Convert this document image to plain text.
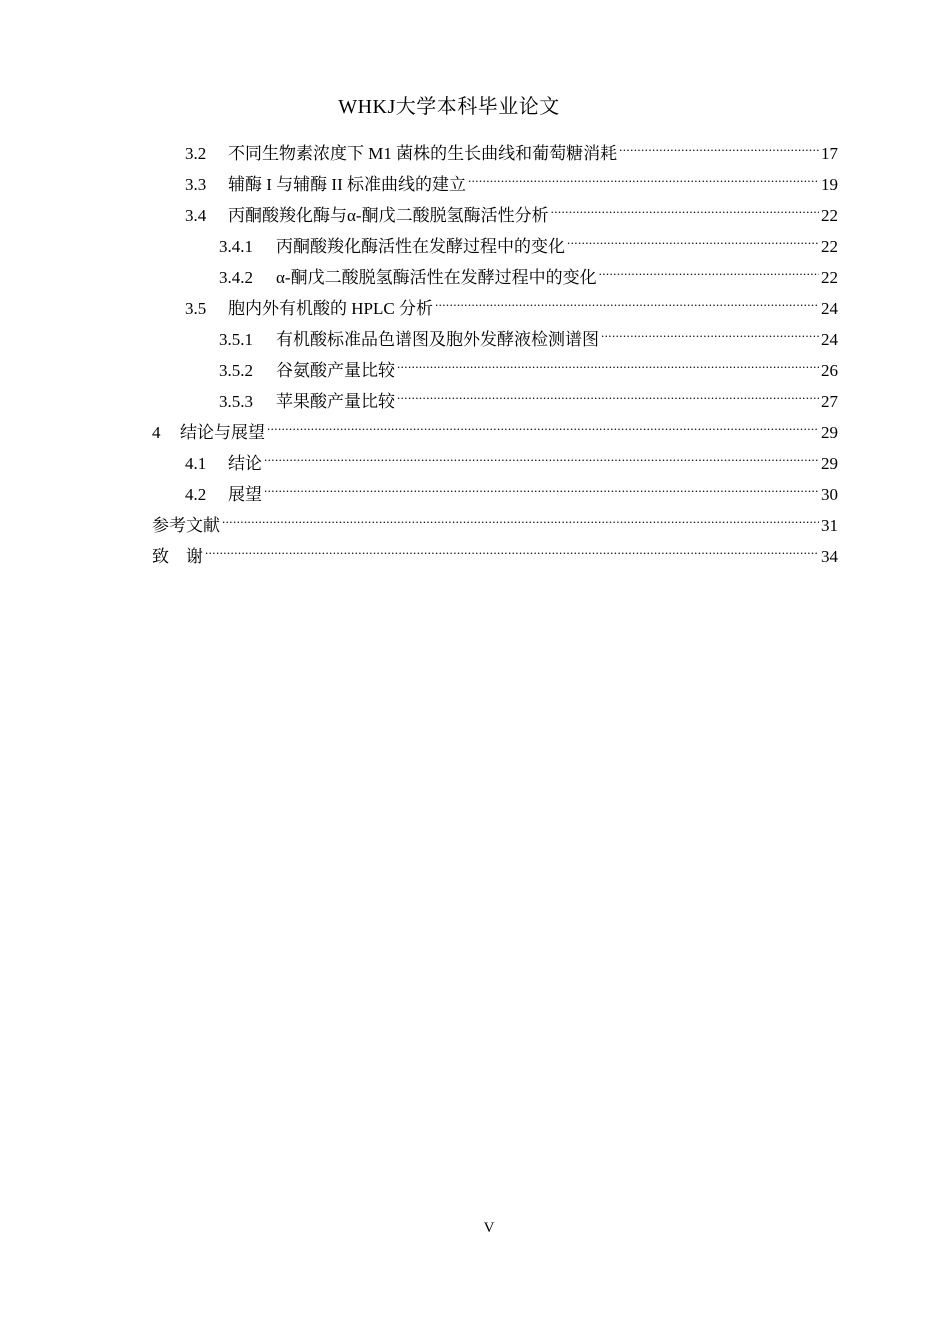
WHKJ大学本科毕业论文
3.2	不同生物素浓度下 M1 菌株的生长曲线和葡萄糖消耗 .....	17
3.3	辅酶 I 与辅酶 II 标准曲线的建立 .....	19
3.4	丙酮酸羧化酶与α-酮戊二酸脱氢酶活性分析 .....	22
3.4.1	丙酮酸羧化酶活性在发酵过程中的变化 .....	22
3.4.2	α-酮戊二酸脱氢酶活性在发酵过程中的变化 .....	22
3.5	胞内外有机酸的 HPLC 分析 .....	24
3.5.1	有机酸标准品色谱图及胞外发酵液检测谱图 .....	24
3.5.2	谷氨酸产量比较 .....	26
3.5.3	苹果酸产量比较 .....	27
4	结论与展望 .....	29
4.1	结论 .....	29
4.2	展望 .....	30
参考文献 .....	31
致　谢 .....	34
V
